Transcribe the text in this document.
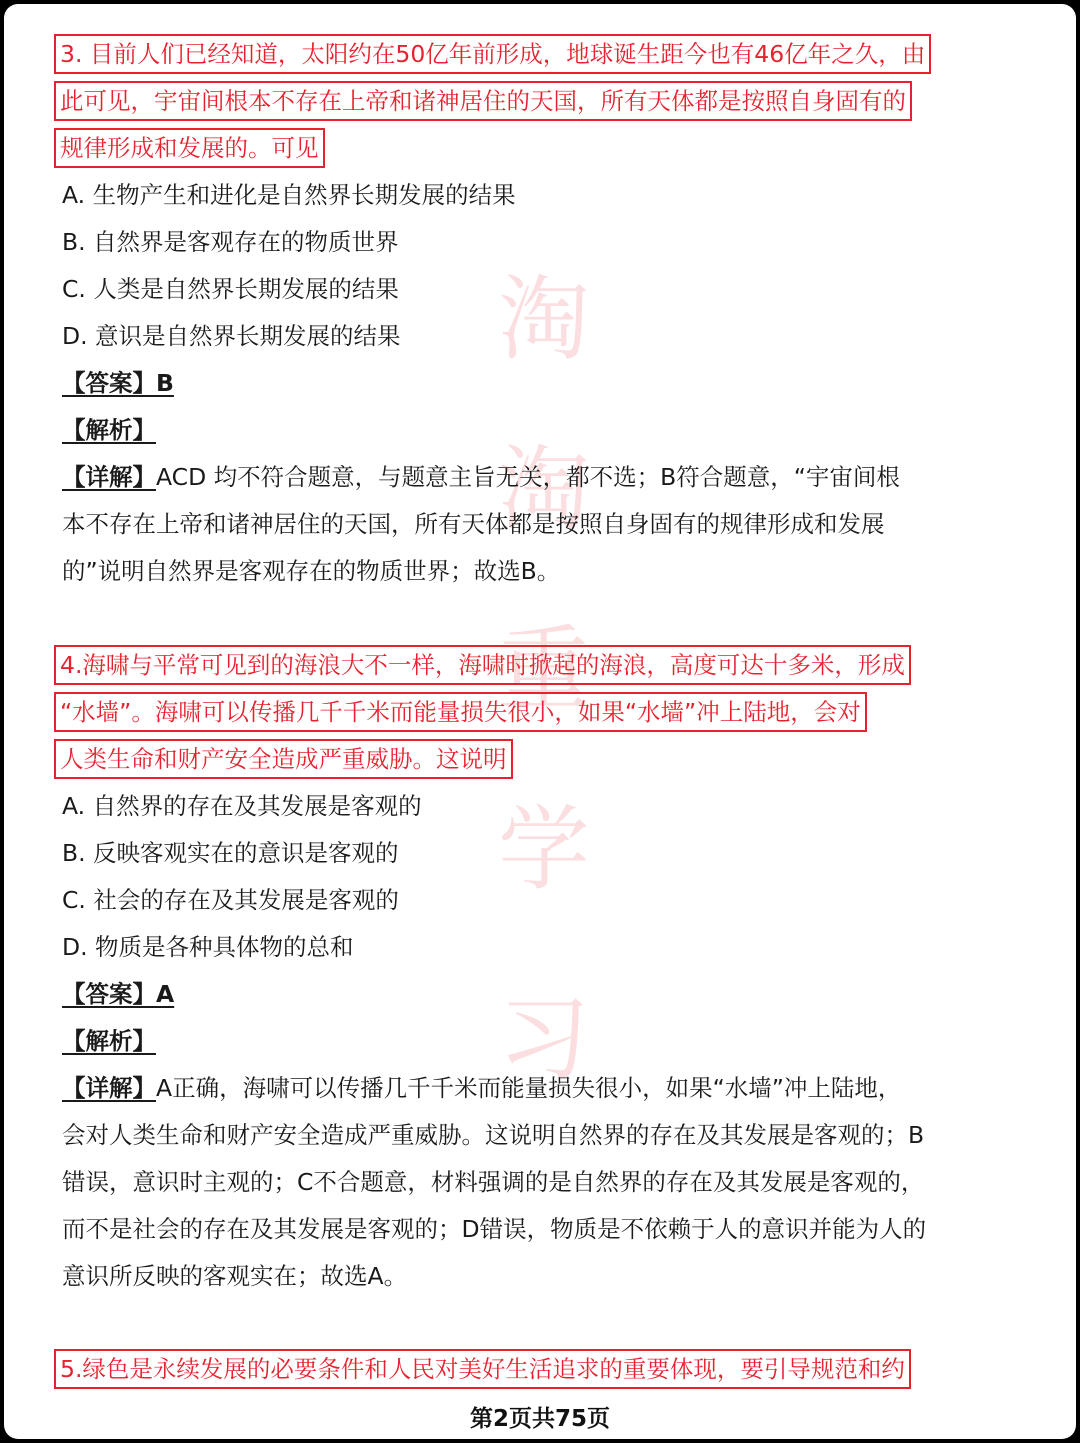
淘
淘
重
学
习
3. 目前人们已经知道，太阳约在50亿年前形成，地球诞生距今也有46亿年之久，由
此可见，宇宙间根本不存在上帝和诸神居住的天国，所有天体都是按照自身固有的
规律形成和发展的。可见
A. 生物产生和进化是自然界长期发展的结果
B. 自然界是客观存在的物质世界
C. 人类是自然界长期发展的结果
D. 意识是自然界长期发展的结果
【答案】B
【解析】
【详解】ACD 均不符合题意，与题意主旨无关，都不选；B符合题意，“宇宙间根
本不存在上帝和诸神居住的天国，所有天体都是按照自身固有的规律形成和发展
的”说明自然界是客观存在的物质世界；故选B。
4.海啸与平常可见到的海浪大不一样，海啸时掀起的海浪，高度可达十多米，形成
“水墙”。海啸可以传播几千千米而能量损失很小，如果“水墙”冲上陆地，会对
人类生命和财产安全造成严重威胁。这说明
A. 自然界的存在及其发展是客观的
B. 反映客观实在的意识是客观的
C. 社会的存在及其发展是客观的
D. 物质是各种具体物的总和
【答案】A
【解析】
【详解】A正确，海啸可以传播几千千米而能量损失很小，如果“水墙”冲上陆地，
会对人类生命和财产安全造成严重威胁。这说明自然界的存在及其发展是客观的；B
错误，意识时主观的；C不合题意，材料强调的是自然界的存在及其发展是客观的，
而不是社会的存在及其发展是客观的；D错误，物质是不依赖于人的意识并能为人的
意识所反映的客观实在；故选A。
5.绿色是永续发展的必要条件和人民对美好生活追求的重要体现，要引导规范和约
第2页共75页
